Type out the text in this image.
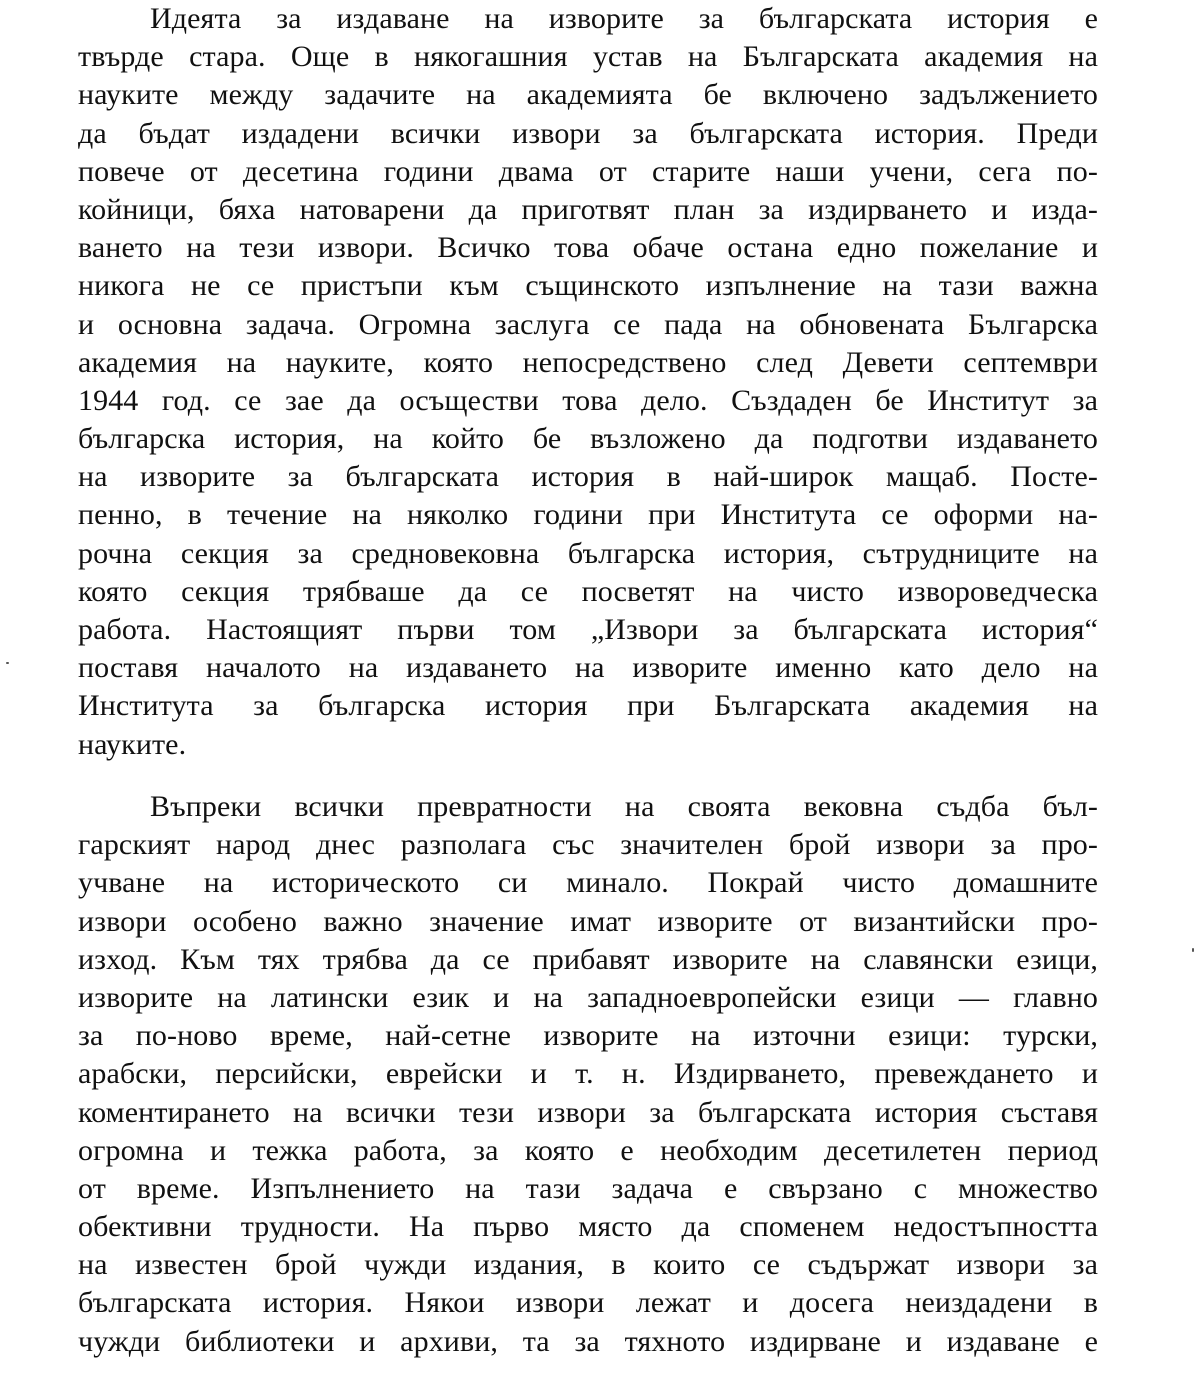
Идеята за издаване на изворите за българската история е
твърде стара. Още в някогашния устав на Българската академия на
науките между задачите на академията бе включено задължението
да бъдат издадени всички извори за българската история. Преди
повече от десетина години двама от старите наши учени, сега по-
койници, бяха натоварени да приготвят план за издирването и изда-
ването на тези извори. Всичко това обаче остана едно пожелание и
никога не се пристъпи към същинското изпълнение на тази важна
и основна задача. Огромна заслуга се пада на обновената Българска
академия на науките, която непосредствено след Девети септември
1944 год. се зае да осъществи това дело. Създаден бе Институт за
българска история, на който бе възложено да подготви издаването
на изворите за българската история в най-широк мащаб. Посте-
пенно, в течение на няколко години при Института се оформи на-
рочна секция за средновековна българска история, сътрудниците на
която секция трябваше да се посветят на чисто извороведческа
работа. Настоящият първи том „Извори за българската история“
поставя началото на издаването на изворите именно като дело на
Института за българска история при Българската академия на
науките.
Въпреки всички превратности на своята вековна съдба бъл-
гарският народ днес разполага със значителен брой извори за про-
учване на историческото си минало. Покрай чисто домашните
извори особено важно значение имат изворите от византийски про-
изход. Към тях трябва да се прибавят изворите на славянски езици,
изворите на латински език и на западноевропейски езици — главно
за по-ново време, най-сетне изворите на източни езици: турски,
арабски, персийски, еврейски и т. н. Издирването, превеждането и
коментирането на всички тези извори за българската история съставя
огромна и тежка работа, за която е необходим десетилетен период
от време. Изпълнението на тази задача е свързано с множество
обективни трудности. На първо място да споменем недостъпността
на известен брой чужди издания, в които се съдържат извори за
българската история. Някои извори лежат и досега неиздадени в
чужди библиотеки и архиви, та за тяхното издирване и издаване е
